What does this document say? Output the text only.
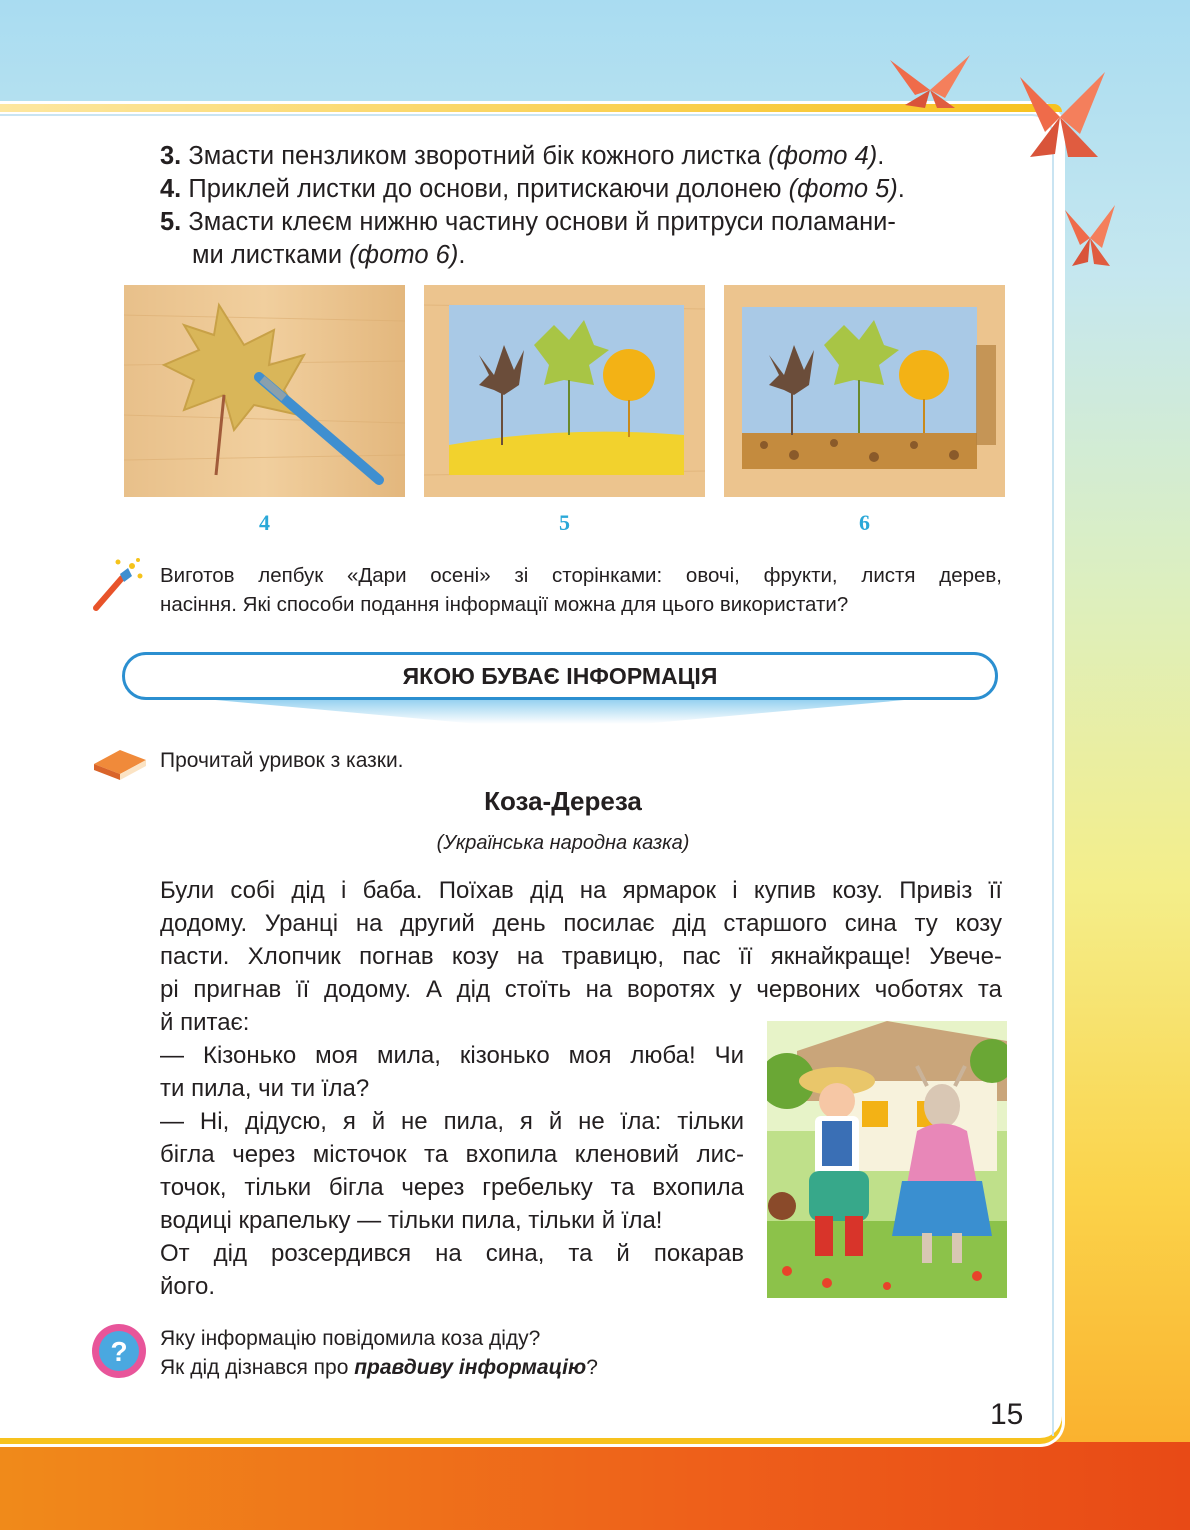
3. Змасти пензликом зворотний бік кожного листка (фото 4).
4. Приклей листки до основи, притискаючи долонею (фото 5).
5. Змасти клеєм нижню частину основи й притруси поламани-
ми листками (фото 6).
4	5	6
Виготов лепбук «Дари осені» зі сторінками: овочі, фрукти, листя дерев,
насіння. Які способи подання інформації можна для цього використати?
ЯКОЮ БУВАЄ ІНФОРМАЦІЯ
Прочитай уривок з казки.
Коза-Дереза
(Українська народна казка)
Були собі дід і баба. Поїхав дід на ярмарок і купив козу. Привіз її
додому. Уранці на другий день посилає дід старшого сина ту козу
пасти. Хлопчик погнав козу на травицю, пас її якнайкраще! Увече-
рі пригнав її додому. А дід стоїть на воротях у червоних чоботях та
й питає:
— Кізонько моя мила, кізонько моя люба! Чи
ти пила, чи ти їла?
— Ні, дідусю, я й не пила, я й не їла: тільки
бігла через місточок та вхопила кленовий лис-
точок, тільки бігла через гребельку та вхопила
водиці крапельку — тільки пила, тільки й їла!
От дід розсердився на сина, та й покарав
його.
? Яку інформацію повідомила коза діду?
Як дід дізнався про правдиву інформацію?
15
